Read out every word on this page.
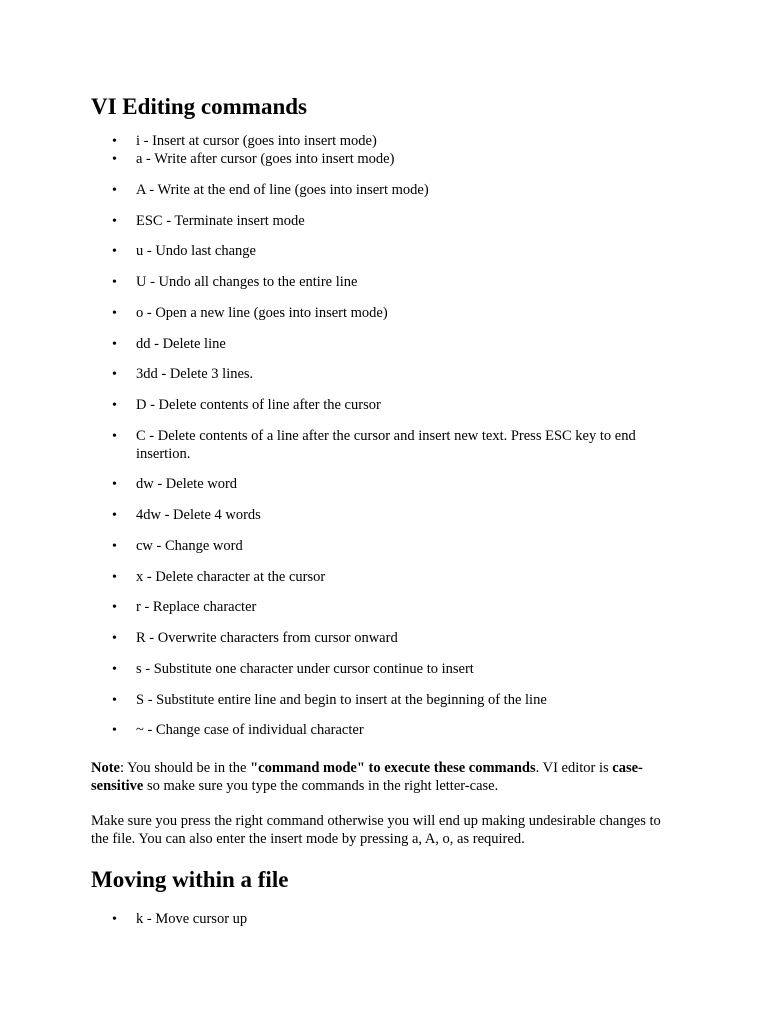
VI Editing commands
•	i - Insert at cursor (goes into insert mode)
•	a - Write after cursor (goes into insert mode)
•	A - Write at the end of line (goes into insert mode)
•	ESC - Terminate insert mode
•	u - Undo last change
•	U - Undo all changes to the entire line
•	o - Open a new line (goes into insert mode)
•	dd - Delete line
•	3dd - Delete 3 lines.
•	D - Delete contents of line after the cursor
•	C - Delete contents of a line after the cursor and insert new text. Press ESC key to end insertion.
•	dw - Delete word
•	4dw - Delete 4 words
•	cw - Change word
•	x - Delete character at the cursor
•	r - Replace character
•	R - Overwrite characters from cursor onward
•	s - Substitute one character under cursor continue to insert
•	S - Substitute entire line and begin to insert at the beginning of the line
•	~ - Change case of individual character

Note: You should be in the "command mode" to execute these commands. VI editor is case-sensitive so make sure you type the commands in the right letter-case.

Make sure you press the right command otherwise you will end up making undesirable changes to the file. You can also enter the insert mode by pressing a, A, o, as required.

Moving within a file
•	k - Move cursor up
